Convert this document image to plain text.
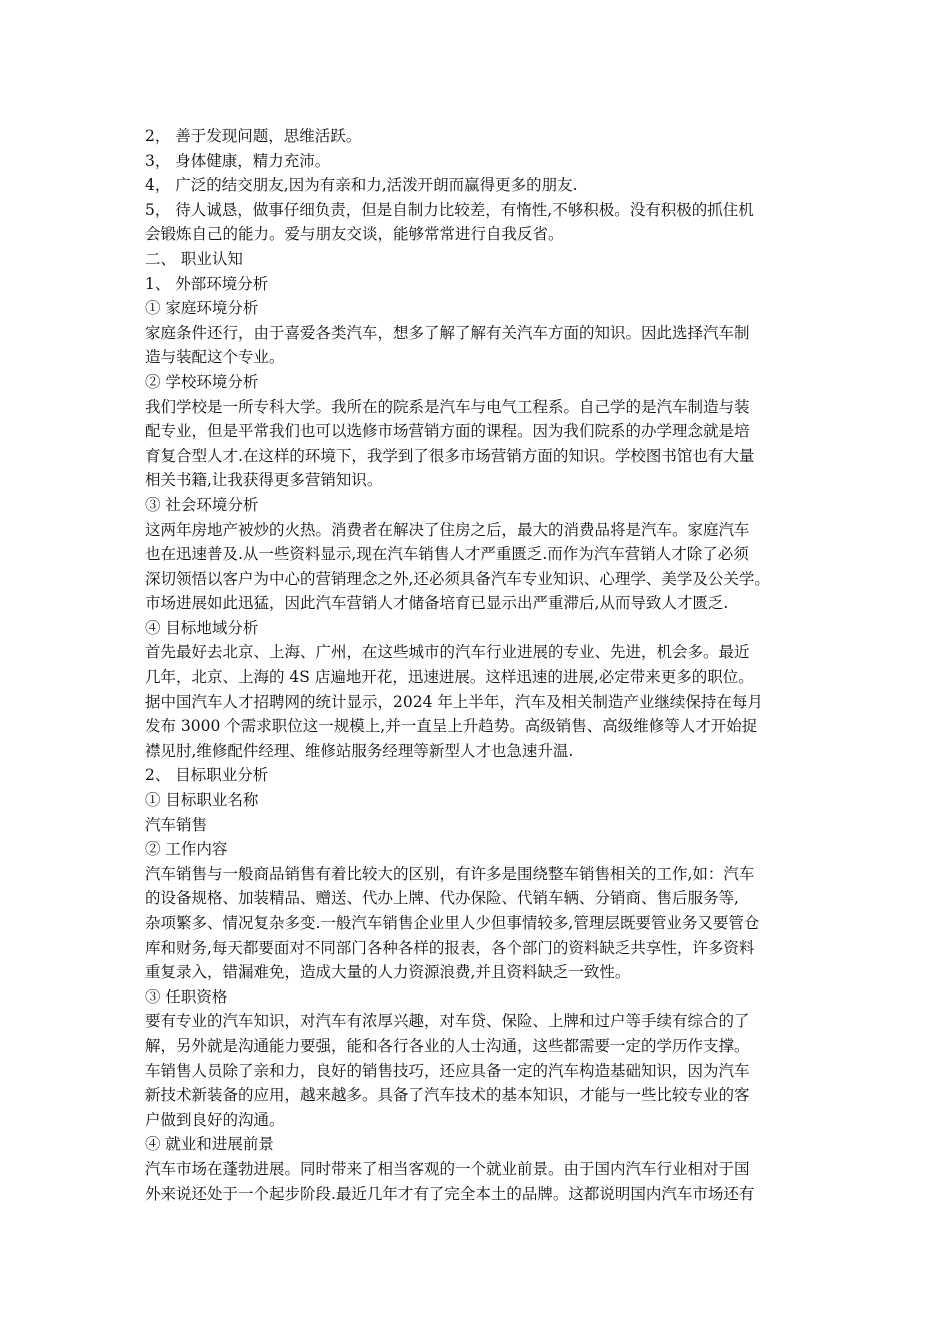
2， 善于发现问题，思维活跃。
3， 身体健康，精力充沛。
4， 广泛的结交朋友,因为有亲和力,活泼开朗而赢得更多的朋友.
5， 待人诚恳，做事仔细负责，但是自制力比较差，有惰性,不够积极。没有积极的抓住机
会锻炼自己的能力。爱与朋友交谈，能够常常进行自我反省。
二、 职业认知
1、 外部环境分析
① 家庭环境分析
家庭条件还行，由于喜爱各类汽车，想多了解了解有关汽车方面的知识。因此选择汽车制
造与装配这个专业。
② 学校环境分析
我们学校是一所专科大学。我所在的院系是汽车与电气工程系。自己学的是汽车制造与装
配专业，但是平常我们也可以选修市场营销方面的课程。因为我们院系的办学理念就是培
育复合型人才.在这样的环境下，我学到了很多市场营销方面的知识。学校图书馆也有大量
相关书籍,让我获得更多营销知识。
③ 社会环境分析
这两年房地产被炒的火热。消费者在解决了住房之后，最大的消费品将是汽车。家庭汽车
也在迅速普及.从一些资料显示,现在汽车销售人才严重匮乏.而作为汽车营销人才除了必须
深切领悟以客户为中心的营销理念之外,还必须具备汽车专业知识、心理学、美学及公关学。
市场进展如此迅猛，因此汽车营销人才储备培育已显示出严重滞后,从而导致人才匮乏.
④ 目标地域分析
首先最好去北京、上海、广州，在这些城市的汽车行业进展的专业、先进，机会多。最近
几年，北京、上海的 4S 店遍地开花，迅速进展。这样迅速的进展,必定带来更多的职位。
据中国汽车人才招聘网的统计显示，2024 年上半年，汽车及相关制造产业继续保持在每月
发布 3000 个需求职位这一规模上,并一直呈上升趋势。高级销售、高级维修等人才开始捉
襟见肘,维修配件经理、维修站服务经理等新型人才也急速升温.
2、 目标职业分析
① 目标职业名称
汽车销售
② 工作内容
汽车销售与一般商品销售有着比较大的区别，有许多是围绕整车销售相关的工作,如：汽车
的设备规格、加装精品、赠送、代办上牌、代办保险、代销车辆、分销商、售后服务等,
杂项繁多、情况复杂多变.一般汽车销售企业里人少但事情较多,管理层既要管业务又要管仓
库和财务,每天都要面对不同部门各种各样的报表，各个部门的资料缺乏共享性，许多资料
重复录入，错漏难免，造成大量的人力资源浪费,并且资料缺乏一致性。
③ 任职资格
要有专业的汽车知识，对汽车有浓厚兴趣，对车贷、保险、上牌和过户等手续有综合的了
解，另外就是沟通能力要强，能和各行各业的人士沟通，这些都需要一定的学历作支撑。
车销售人员除了亲和力，良好的销售技巧，还应具备一定的汽车构造基础知识，因为汽车
新技术新装备的应用，越来越多。具备了汽车技术的基本知识，才能与一些比较专业的客
户做到良好的沟通。
④ 就业和进展前景
汽车市场在蓬勃进展。同时带来了相当客观的一个就业前景。由于国内汽车行业相对于国
外来说还处于一个起步阶段.最近几年才有了完全本土的品牌。这都说明国内汽车市场还有
